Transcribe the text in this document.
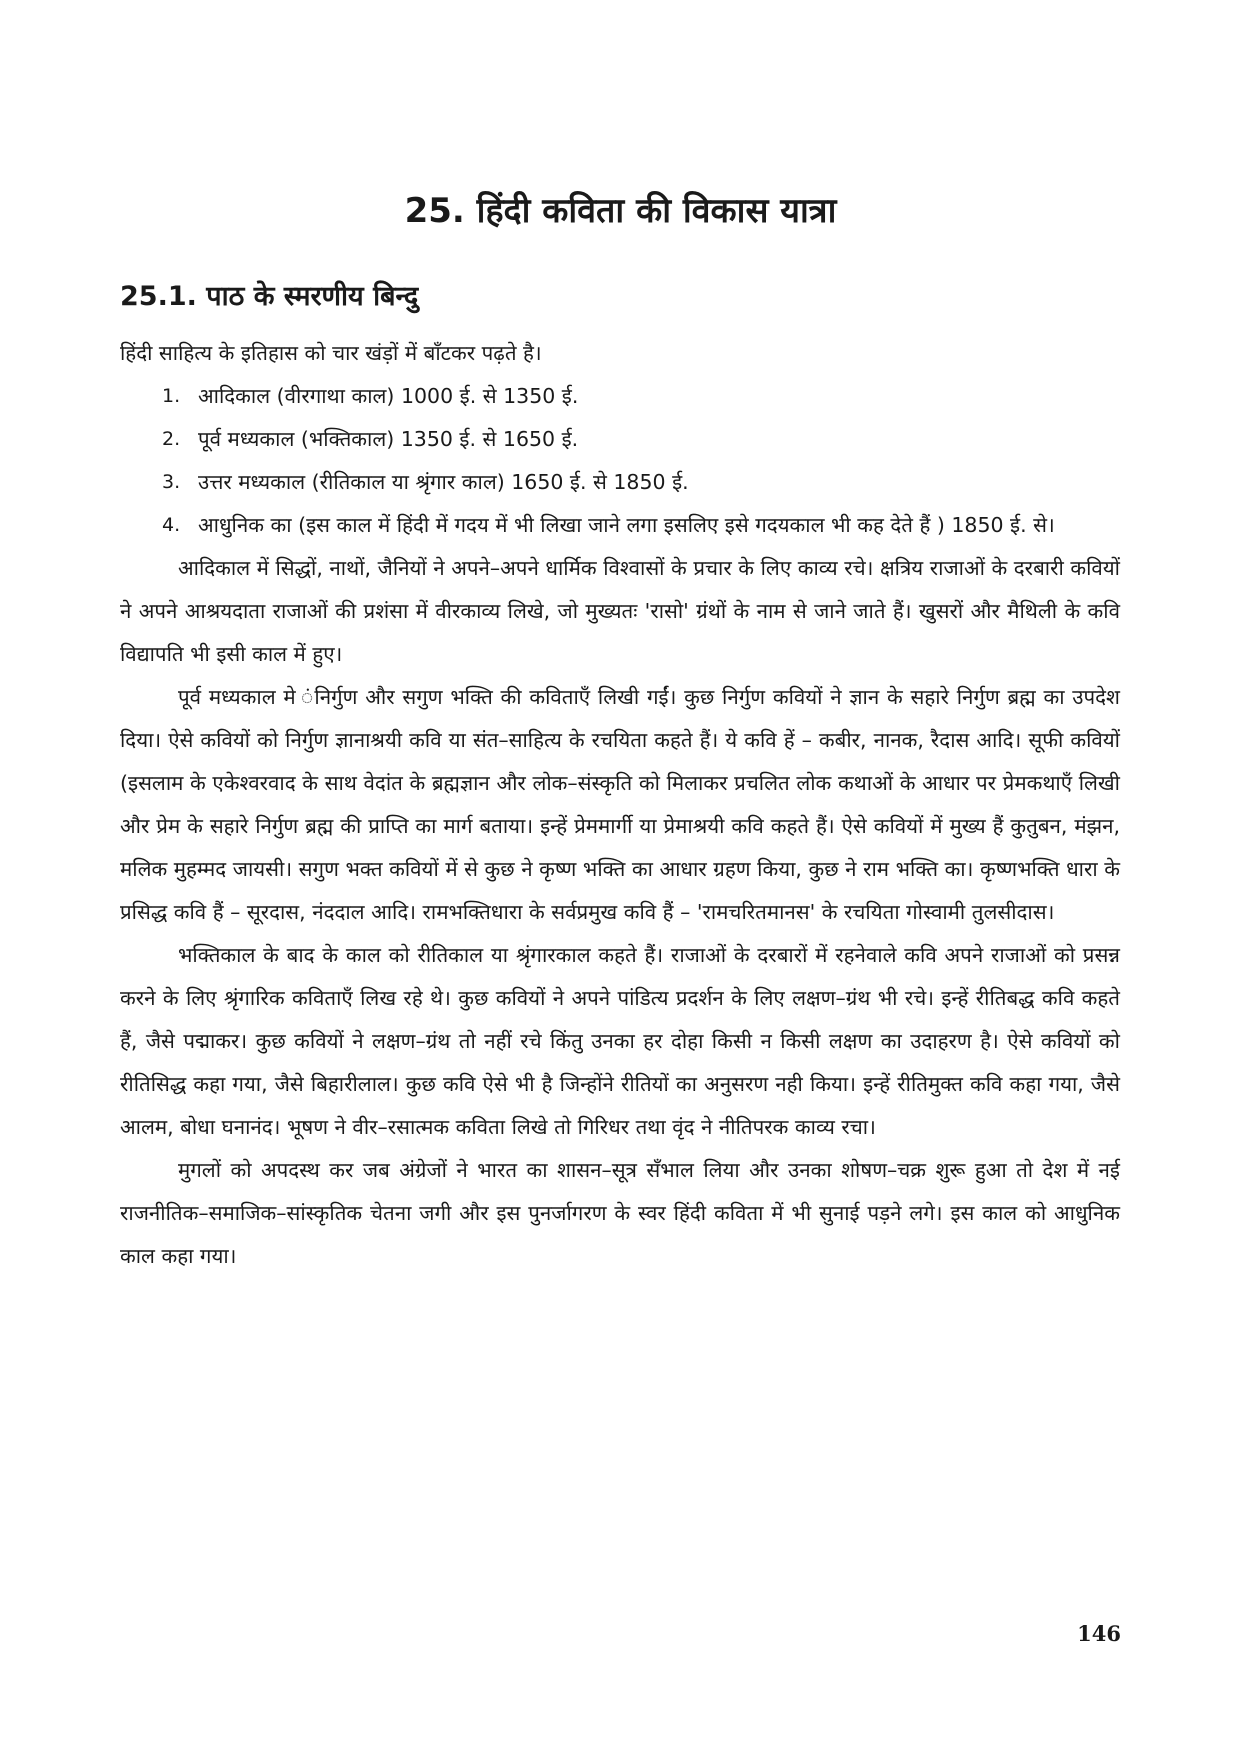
25. हिंदी कविता की विकास यात्रा
25.1. पाठ के स्मरणीय बिन्दु

हिंदी साहित्य के इतिहास को चार खंड़ों में बाँटकर पढ़ते है।

1. आदिकाल (वीरगाथा काल) 1000 ई. से 1350 ई.
2. पूर्व मध्यकाल (भक्तिकाल) 1350 ई. से 1650 ई.
3. उत्तर मध्यकाल (रीतिकाल या श्रृंगार काल) 1650 ई. से 1850 ई.
4. आधुनिक का (इस काल में हिंदी में गदय में भी लिखा जाने लगा इसलिए इसे गदयकाल भी कह देते हैं ) 1850 ई. से।

आदिकाल में सिद्धों, नाथों, जैनियों ने अपने–अपने धार्मिक विश्वासों के प्रचार के लिए काव्य रचे। क्षत्रिय राजाओं के दरबारी कवियों ने अपने आश्रयदाता राजाओं की प्रशंसा में वीरकाव्य लिखे, जो मुख्यतः 'रासो' ग्रंथों के नाम से जाने जाते हैं। खुसरों और मैथिली के कवि विद्यापति भी इसी काल में हुए।

पूर्व मध्यकाल मे ंनिर्गुण और सगुण भक्ति की कविताएँ लिखी गईं। कुछ निर्गुण कवियों ने ज्ञान के सहारे निर्गुण ब्रह्म का उपदेश दिया। ऐसे कवियों को निर्गुण ज्ञानाश्रयी कवि या संत–साहित्य के रचयिता कहते हैं। ये कवि हें – कबीर, नानक, रैदास आदि। सूफी कवियों (इसलाम के एकेश्वरवाद के साथ वेदांत के ब्रह्मज्ञान और लोक–संस्कृति को मिलाकर प्रचलित लोक कथाओं के आधार पर प्रेमकथाएँ लिखी और प्रेम के सहारे निर्गुण ब्रह्म की प्राप्ति का मार्ग बताया। इन्हें प्रेममार्गी या प्रेमाश्रयी कवि कहते हैं। ऐसे कवियों में मुख्य हैं कुतुबन, मंझन, मलिक मुहम्मद जायसी। सगुण भक्त कवियों में से कुछ ने कृष्ण भक्ति का आधार ग्रहण किया, कुछ ने राम भक्ति का। कृष्णभक्ति धारा के प्रसिद्ध कवि हैं – सूरदास, नंददाल आदि। रामभक्तिधारा के सर्वप्रमुख कवि हैं – 'रामचरितमानस' के रचयिता गोस्वामी तुलसीदास।

भक्तिकाल के बाद के काल को रीतिकाल या श्रृंगारकाल कहते हैं। राजाओं के दरबारों में रहनेवाले कवि अपने राजाओं को प्रसन्न करने के लिए श्रृंगारिक कविताएँ लिख रहे थे। कुछ कवियों ने अपने पांडित्य प्रदर्शन के लिए लक्षण–ग्रंथ भी रचे। इन्हें रीतिबद्ध कवि कहते हैं, जैसे पद्माकर। कुछ कवियों ने लक्षण–ग्रंथ तो नहीं रचे किंतु उनका हर दोहा किसी न किसी लक्षण का उदाहरण है। ऐसे कवियों को रीतिसिद्ध कहा गया, जैसे बिहारीलाल। कुछ कवि ऐसे भी है जिन्होंने रीतियों का अनुसरण नही किया। इन्हें रीतिमुक्त कवि कहा गया, जैसे आलम, बोधा घनानंद। भूषण ने वीर–रसात्मक कविता लिखे तो गिरिधर तथा वृंद ने नीतिपरक काव्य रचा।

मुगलों को अपदस्थ कर जब अंग्रेजों ने भारत का शासन–सूत्र सँभाल लिया और उनका शोषण–चक्र शुरू हुआ तो देश में नई राजनीतिक–समाजिक–सांस्कृतिक चेतना जगी और इस पुनर्जागरण के स्वर हिंदी कविता में भी सुनाई पड़ने लगे। इस काल को आधुनिक काल कहा गया।

146
